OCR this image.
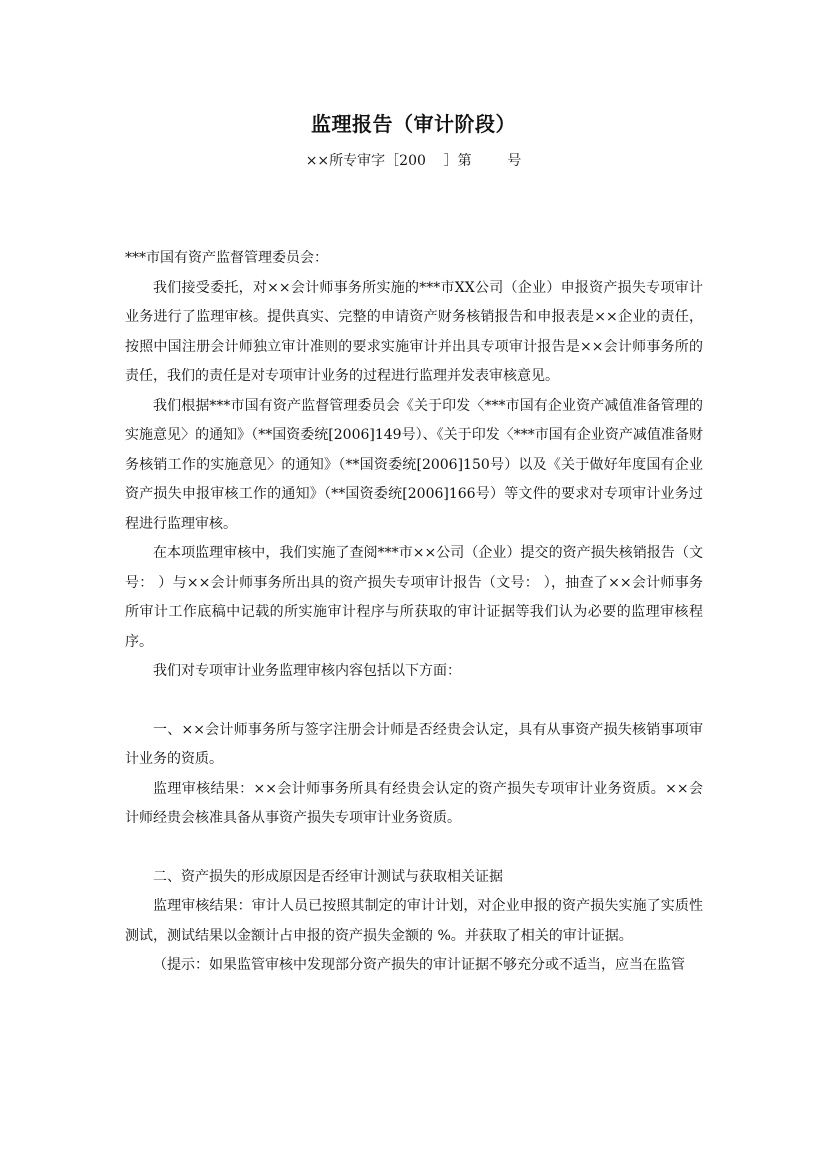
监理报告（审计阶段）
××所专审字［200    ］第        号

***市国有资产监督管理委员会：

我们接受委托，对××会计师事务所实施的***市XX公司（企业）申报资产损失专项审计业务进行了监理审核。提供真实、完整的申请资产财务核销报告和申报表是××企业的责任，按照中国注册会计师独立审计准则的要求实施审计并出具专项审计报告是××会计师事务所的责任，我们的责任是对专项审计业务的过程进行监理并发表审核意见。

我们根据***市国有资产监督管理委员会《关于印发〈***市国有企业资产减值准备管理的实施意见〉的通知》（**国资委统[2006]149号）、《关于印发〈***市国有企业资产减值准备财务核销工作的实施意见〉的通知》（**国资委统[2006]150号）以及《关于做好年度国有企业资产损失申报审核工作的通知》（**国资委统[2006]166号）等文件的要求对专项审计业务过程进行监理审核。

在本项监理审核中，我们实施了查阅***市××公司（企业）提交的资产损失核销报告（文号： ）与××会计师事务所出具的资产损失专项审计报告（文号： ），抽查了××会计师事务所审计工作底稿中记载的所实施审计程序与所获取的审计证据等我们认为必要的监理审核程序。

我们对专项审计业务监理审核内容包括以下方面：

一、××会计师事务所与签字注册会计师是否经贵会认定，具有从事资产损失核销事项审计业务的资质。

监理审核结果：××会计师事务所具有经贵会认定的资产损失专项审计业务资质。××会计师经贵会核准具备从事资产损失专项审计业务资质。

二、资产损失的形成原因是否经审计测试与获取相关证据

监理审核结果：审计人员已按照其制定的审计计划，对企业申报的资产损失实施了实质性测试，测试结果以金额计占申报的资产损失金额的 %。并获取了相关的审计证据。

（提示：如果监管审核中发现部分资产损失的审计证据不够充分或不适当，应当在监管
